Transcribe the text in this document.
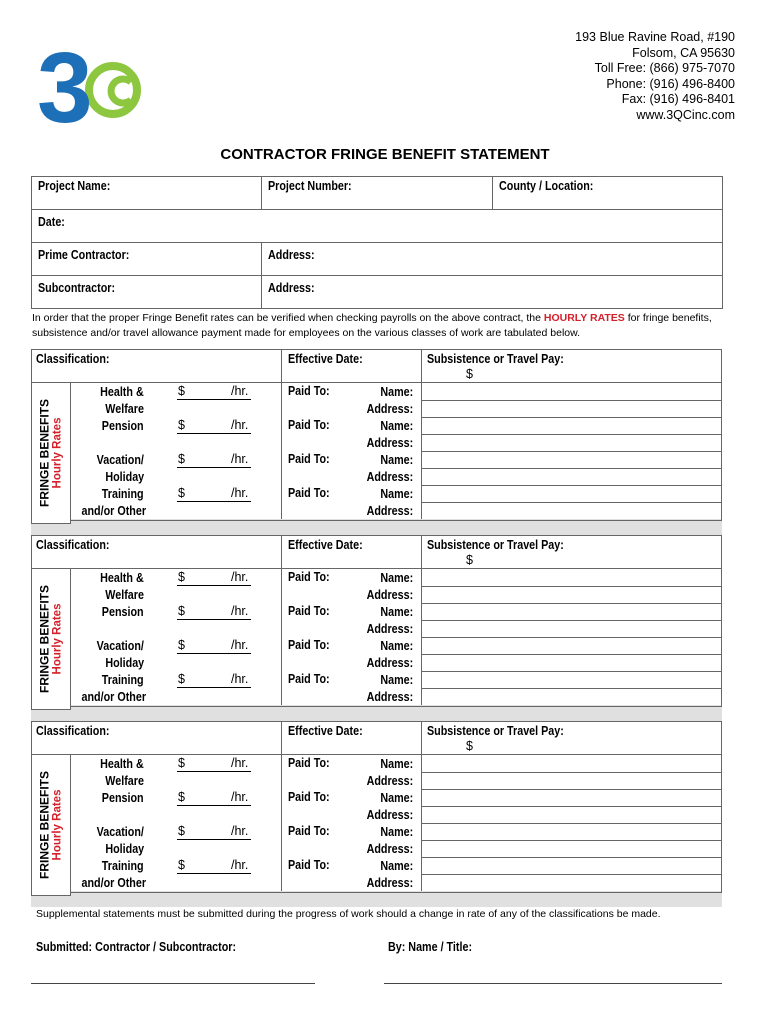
3	193 Blue Ravine Road, #190
Folsom, CA 95630
Toll Free: (866) 975-7070
Phone: (916) 496-8400
Fax: (916) 496-8401
www.3QCinc.com
CONTRACTOR FRINGE BENEFIT STATEMENT
Project Name:	Project Number:	County / Location:
Date:		
Prime Contractor:	Address:	
Subcontractor:	Address:	
In order that the proper Fringe Benefit rates can be verified when checking payrolls on the above contract, the HOURLY RATES for fringe benefits, subsistence and/or travel allowance payment made for employees on the various classes of work are tabulated below.
FRINGE BENEFITS Hourly Rates
Classification:	Effective Date:	Subsistence or Travel Pay:
$
Health &
Welfare
$	/hr.	Paid To:	Name:
Address:
Pension	$	/hr.	Paid To:	Name:
Address:
Vacation/
Holiday
$	/hr.	Paid To:	Name:
Address:
Training
and/or Other
$	/hr.	Paid To:	Name:
Address:
FRINGE BENEFITS Hourly Rates
Classification:	Effective Date:	Subsistence or Travel Pay:
$
Health &
Welfare
$	/hr.	Paid To:	Name:
Address:
Pension	$	/hr.	Paid To:	Name:
Address:
Vacation/
Holiday
$	/hr.	Paid To:	Name:
Address:
Training
and/or Other
$	/hr.	Paid To:	Name:
Address:
FRINGE BENEFITS Hourly Rates
Classification:	Effective Date:	Subsistence or Travel Pay:
$
Health &
Welfare
$	/hr.	Paid To:	Name:
Address:
Pension	$	/hr.	Paid To:	Name:
Address:
Vacation/
Holiday
$	/hr.	Paid To:	Name:
Address:
Training
and/or Other
$	/hr.	Paid To:	Name:
Address:
Supplemental statements must be submitted during the progress of work should a change in rate of any of the classifications be made.
Submitted: Contractor / Subcontractor:	By: Name / Title:
